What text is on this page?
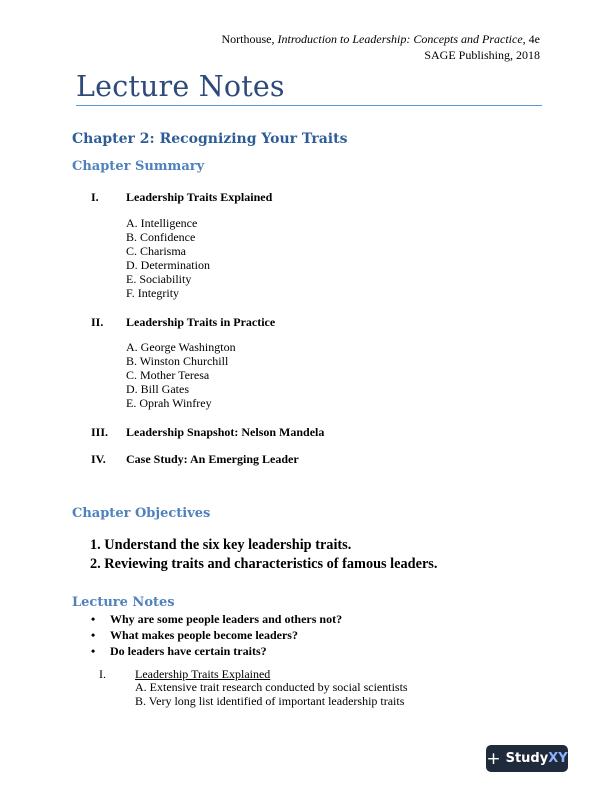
Northouse, Introduction to Leadership: Concepts and Practice, 4e
SAGE Publishing, 2018
Lecture Notes
Chapter 2: Recognizing Your Traits
Chapter Summary
I. Leadership Traits Explained
A. Intelligence
B. Confidence
C. Charisma
D. Determination
E. Sociability
F. Integrity
II. Leadership Traits in Practice
A. George Washington
B. Winston Churchill
C. Mother Teresa
D. Bill Gates
E. Oprah Winfrey
III. Leadership Snapshot: Nelson Mandela
IV. Case Study: An Emerging Leader
Chapter Objectives
1. Understand the six key leadership traits.
2. Reviewing traits and characteristics of famous leaders.
Lecture Notes
•	Why are some people leaders and others not?
•	What makes people become leaders?
•	Do leaders have certain traits?
I. Leadership Traits Explained
A. Extensive trait research conducted by social scientists
B. Very long list identified of important leadership traits
+ Study XY
